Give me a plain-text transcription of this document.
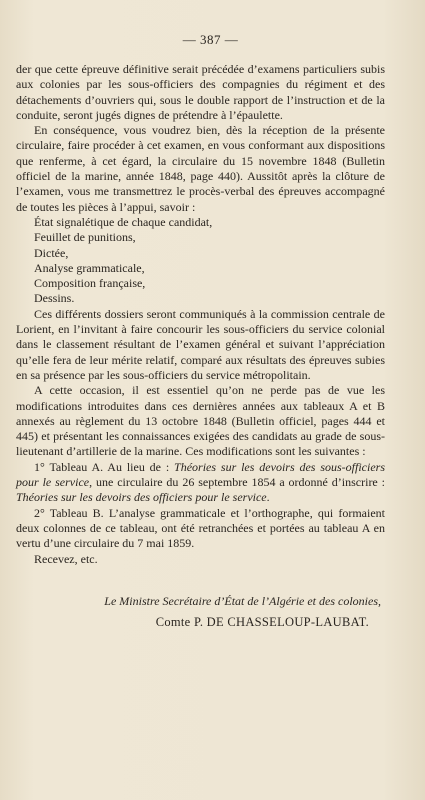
— 387 —

der que cette épreuve définitive serait précédée d’examens particuliers subis aux colonies par les sous-officiers des compagnies du régiment et des détachements d’ouvriers qui, sous le double rapport de l’instruction et de la conduite, seront jugés dignes de prétendre à l’épaulette.

En conséquence, vous voudrez bien, dès la réception de la présente circulaire, faire procéder à cet examen, en vous conformant aux dispositions que renferme, à cet égard, la circulaire du 15 novembre 1848 (Bulletin officiel de la marine, année 1848, page 440). Aussitôt après la clôture de l’examen, vous me transmettrez le procès-verbal des épreuves accompagné de toutes les pièces à l’appui, savoir :

État signalétique de chaque candidat,

Feuillet de punitions,

Dictée,

Analyse grammaticale,

Composition française,

Dessins.

Ces différents dossiers seront communiqués à la commission centrale de Lorient, en l’invitant à faire concourir les sous-officiers du service colonial dans le classement résultant de l’examen général et suivant l’appréciation qu’elle fera de leur mérite relatif, comparé aux résultats des épreuves subies en sa présence par les sous-officiers du service métropolitain.

A cette occasion, il est essentiel qu’on ne perde pas de vue les modifications introduites dans ces dernières années aux tableaux A et B annexés au règlement du 13 octobre 1848 (Bulletin officiel, pages 444 et 445) et présentant les connaissances exigées des candidats au grade de sous-lieutenant d’artillerie de la marine. Ces modifications sont les suivantes :

1° Tableau A. Au lieu de : Théories sur les devoirs des sous-officiers pour le service, une circulaire du 26 septembre 1854 a ordonné d’inscrire : Théories sur les devoirs des officiers pour le service.

2° Tableau B. L’analyse grammaticale et l’orthographe, qui formaient deux colonnes de ce tableau, ont été retranchées et portées au tableau A en vertu d’une circulaire du 7 mai 1859.

Recevez, etc.

Le Ministre Secrétaire d’État de l’Algérie et des colonies,
Comte P. DE CHASSELOUP-LAUBAT.
